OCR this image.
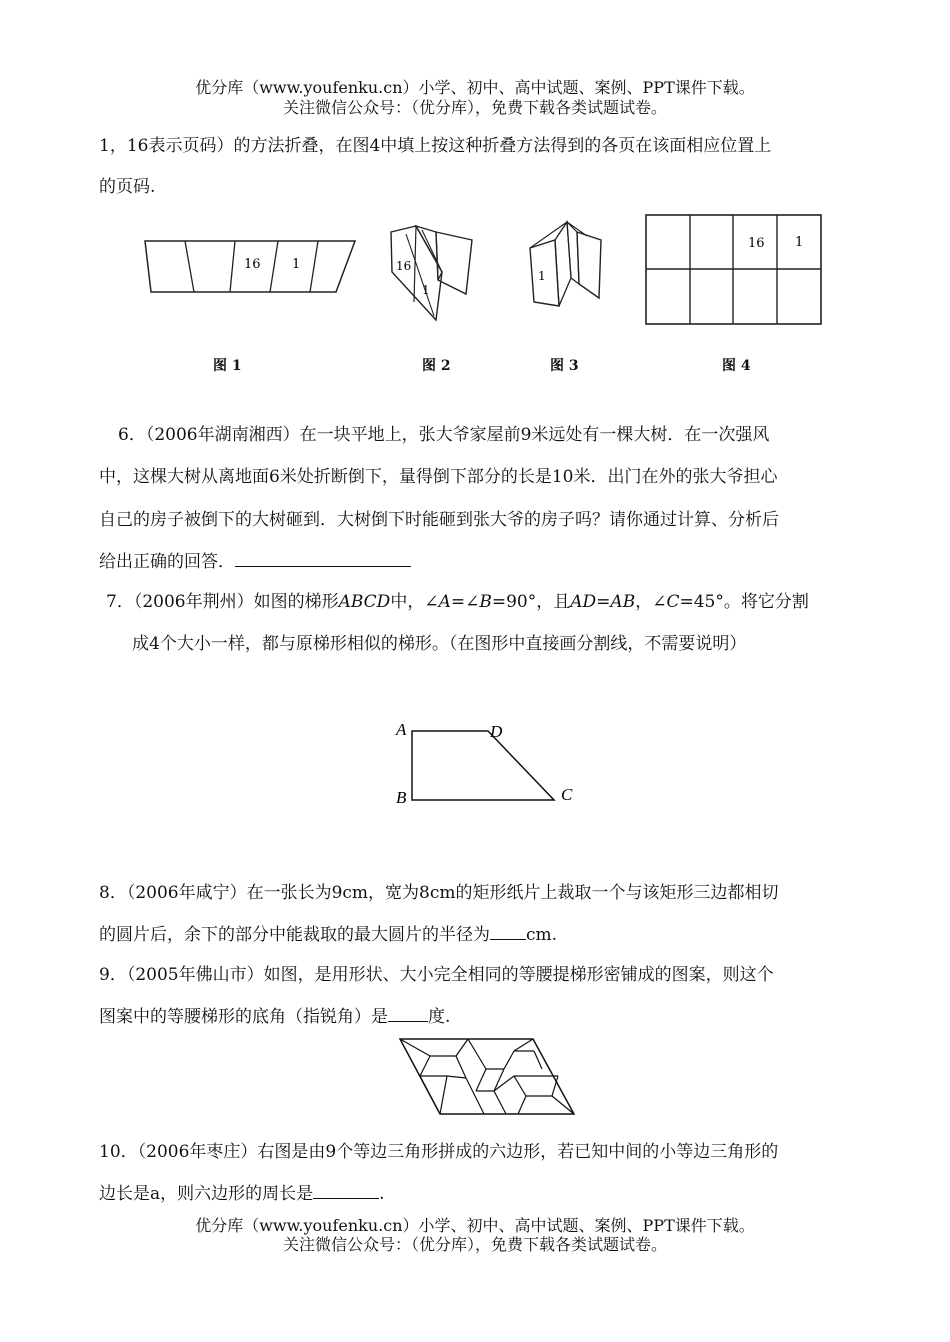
优分库（www.youfenku.cn）小学、初中、高中试题、案例、PPT课件下载。
关注微信公众号：（优分库），免费下载各类试题试卷。
1，16表示页码）的方法折叠，在图4中填上按这种折叠方法得到的各页在该面相应位置上
的页码.
16 1
图 1
16
1
图 2
1
图 3
16 1
图 4
6．（2006年湖南湘西）在一块平地上，张大爷家屋前9米远处有一棵大树．在一次强风
中，这棵大树从离地面6米处折断倒下，量得倒下部分的长是10米．出门在外的张大爷担心
自己的房子被倒下的大树砸到．大树倒下时能砸到张大爷的房子吗？请你通过计算、分析后
给出正确的回答．
7．（2006年荆州）如图的梯形ABCD中，∠A=∠B=90°，且AD=AB，∠C=45°。将它分割
成4个大小一样，都与原梯形相似的梯形。（在图形中直接画分割线，不需要说明）
A	D
B	C
8．（2006年咸宁）在一张长为9cm，宽为8cm的矩形纸片上裁取一个与该矩形三边都相切
的圆片后，余下的部分中能裁取的最大圆片的半径为 cm.
9．（2005年佛山市）如图，是用形状、大小完全相同的等腰提梯形密铺成的图案，则这个
图案中的等腰梯形的底角（指锐角）是 度.
10．（2006年枣庄）右图是由9个等边三角形拼成的六边形，若已知中间的小等边三角形的
边长是a，则六边形的周长是	.
优分库（www.youfenku.cn）小学、初中、高中试题、案例、PPT课件下载。
关注微信公众号：（优分库），免费下载各类试题试卷。
